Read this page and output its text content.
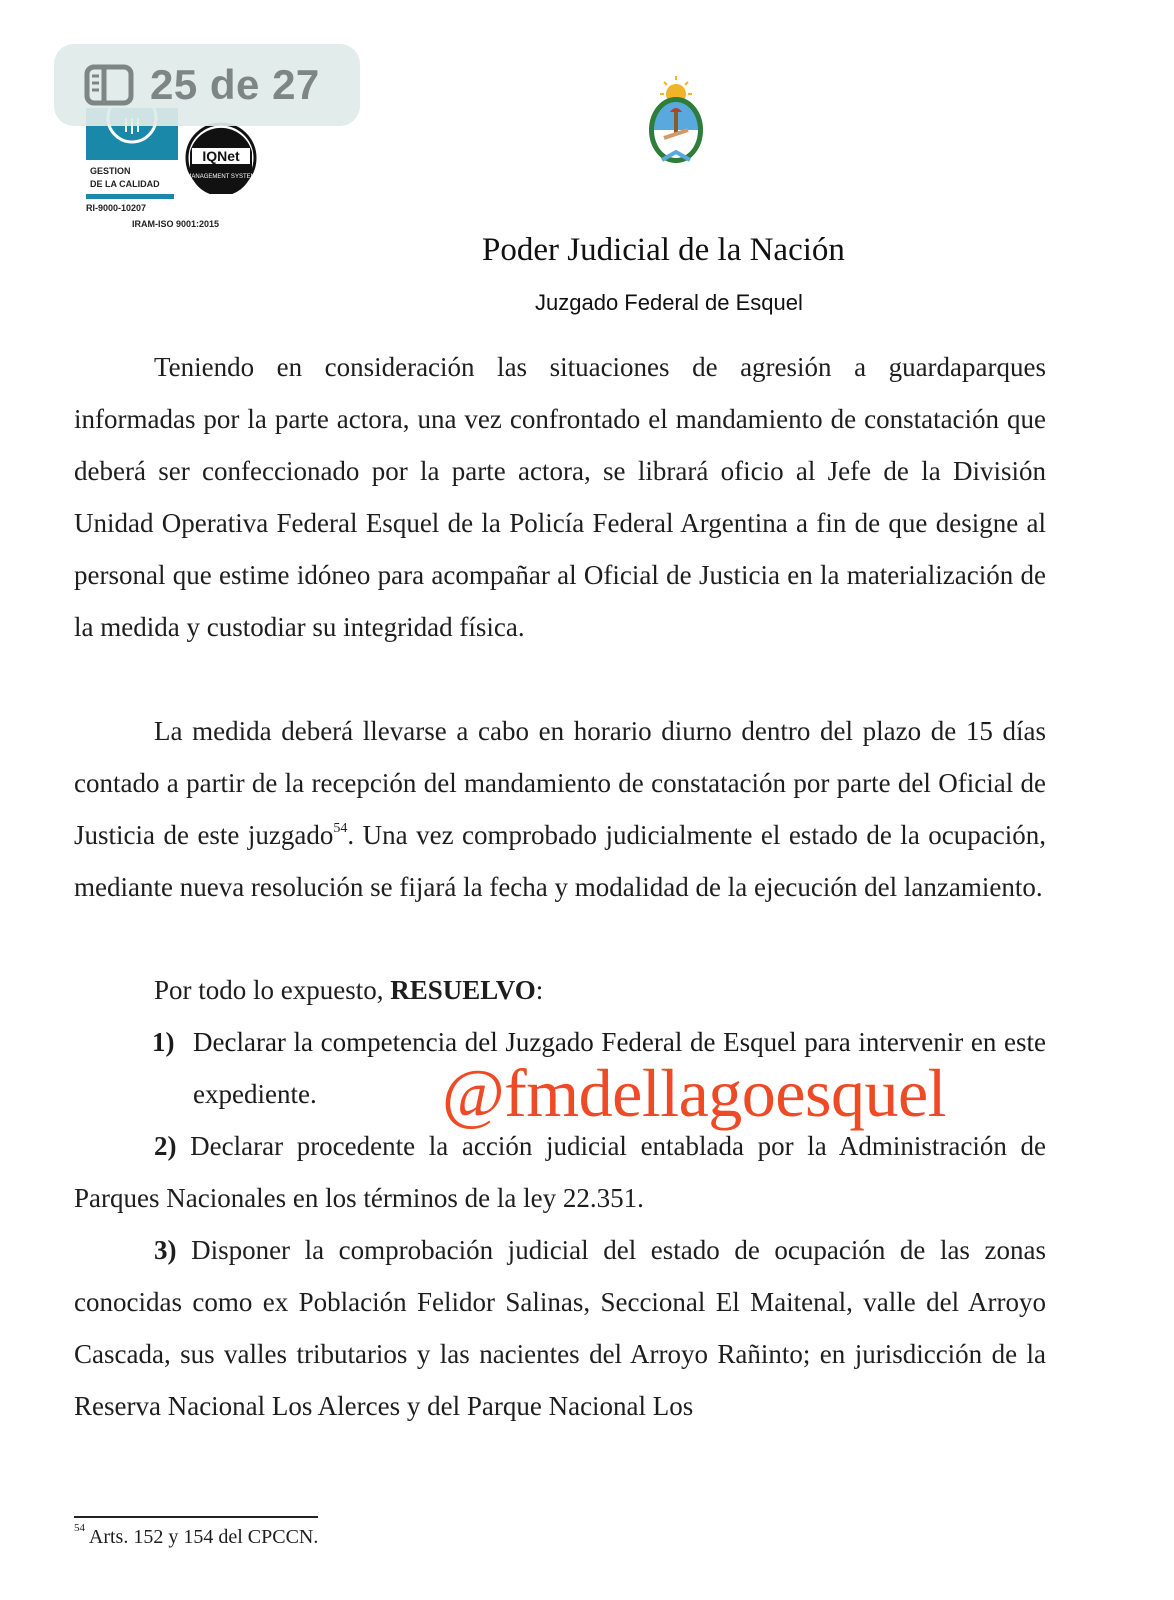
25 de 27
GESTION
DE LA CALIDAD
RI-9000-10207
IRAM-ISO 9001:2015
IQNet
MANAGEMENT SYSTEM
Poder Judicial de la Nación
Juzgado Federal de Esquel
Teniendo en consideración las situaciones de agresión a guardaparques informadas por la parte actora, una vez confrontado el mandamiento de constatación que deberá ser confeccionado por la parte actora, se librará oficio al Jefe de la División Unidad Operativa Federal Esquel de la Policía Federal Argentina a fin de que designe al personal que estime idóneo para acompañar al Oficial de Justicia en la materialización de la medida y custodiar su integridad física.
La medida deberá llevarse a cabo en horario diurno dentro del plazo de 15 días contado a partir de la recepción del mandamiento de constatación por parte del Oficial de Justicia de este juzgado$^{54}$. Una vez comprobado judicialmente el estado de la ocupación, mediante nueva resolución se fijará la fecha y modalidad de la ejecución del lanzamiento.
Por todo lo expuesto, RESUELVO:
1) Declarar la competencia del Juzgado Federal de Esquel para intervenir en este expediente.
2) Declarar procedente la acción judicial entablada por la Administración de Parques Nacionales en los términos de la ley 22.351.
3) Disponer la comprobación judicial del estado de ocupación de las zonas conocidas como ex Población Felidor Salinas, Seccional El Maitenal, valle del Arroyo Cascada, sus valles tributarios y las nacientes del Arroyo Rañinto; en jurisdicción de la Reserva Nacional Los Alerces y del Parque Nacional Los
@fmdellagoesquel
$^{54}$ Arts. 152 y 154 del CPCCN.
